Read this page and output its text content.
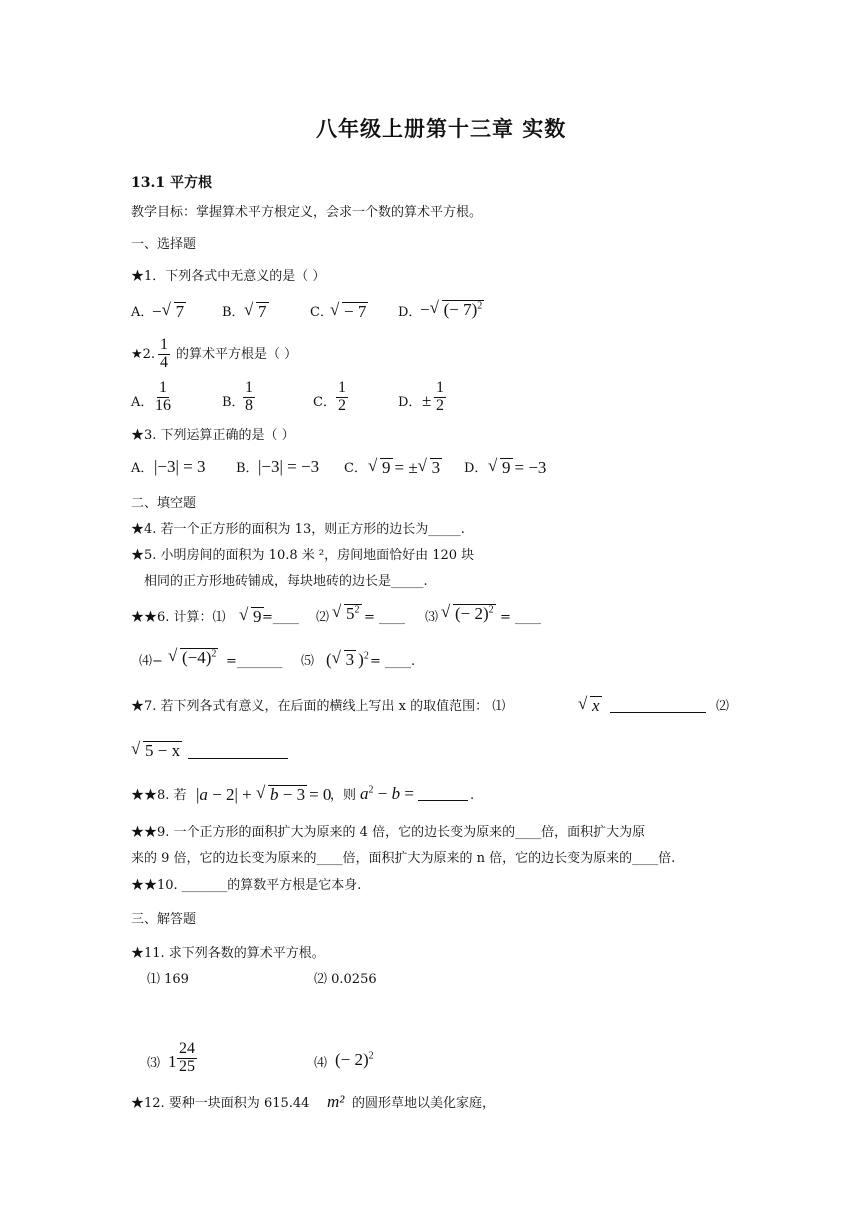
八年级上册第十三章 实数
13.1 平方根
教学目标：掌握算术平方根定义，会求一个数的算术平方根。
一、选择题
★1．下列各式中无意义的是（ ）
A．
− √ 7	B． √ 7	C． √ − 7	D．
− √ (− 7)$^2$
★2. $\frac{1}{4}$ 的算术平方根是（ ）
A． $\frac{1}{16}$	B．
$\frac{1}{8}$	C． $\frac{1}{2}$	D． ± $\frac{1}{2}$
★3. 下列运算正确的是（ ）
A． |−3| = 3 B． |−3| = −3 C． √ 9 = ± √ 3	D． √ 9 = −3
二、填空题
★4. 若一个正方形的面积为 13，则正方形的边长为_____.
★5. 小明房间的面积为 10.8 米 ²，房间地面恰好由 120 块
相同的正方形地砖铺成，每块地砖的边长是_____.
★★6. 计算：⑴	√ 9 =____ ⑵ √ $5^2$
= ____ ⑶ √ (− 2)$^2$
= ____
⑷−	√ $(-4)^2$
=_______ ⑸ ( √ 3 )$^2$ = ____.
★7. 若下列各式有意义，在后面的横线上写出 x 的取值范围： ⑴	√ x
	⑵
√ 5 − x

★★8. 若 |a − 2| + √ b − 3 = 0
，则 $a^2 - b$ =
	.
★★9. 一个正方形的面积扩大为原来的 4 倍，它的边长变为原来的____倍，面积扩大为原
来的 9 倍，它的边长变为原来的____倍，面积扩大为原来的 n 倍，它的边长变为原来的____倍.
★★10. _______的算数平方根是它本身.
三、解答题
★11. 求下列各数的算术平方根。
⑴ 169	⑵ 0.0256
⑶ $1 \frac{24}{25}$	⑷ (− 2)$^2$
★12. 要种一块面积为 615.44 m² 的圆形草地以美化家庭，
